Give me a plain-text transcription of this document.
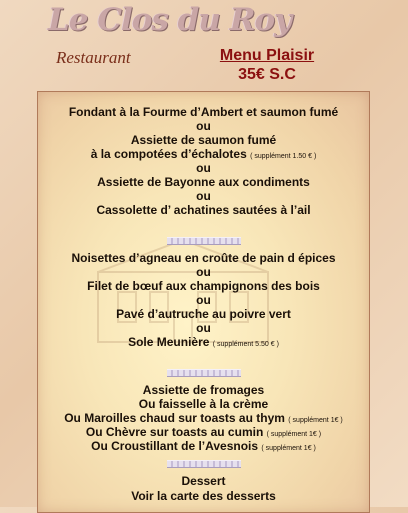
Le Clos du Roy
Restaurant	Menu Plaisir
35€ S.C
Fondant à la Fourme d’Ambert et saumon fumé
ou
Assiette de saumon fumé
à la compotées d’échalotes ( supplément 1.50 € )
ou
Assiette de Bayonne aux condiments
ou
Cassolette d’ achatines sautées à l’ail
Noisettes d’agneau en croûte de pain d épices
ou
Filet de bœuf aux champignons des bois
ou
Pavé d’autruche au poivre vert
ou
Sole Meunière ( supplément 5.50 € )
Assiette de fromages
Ou faisselle à la crème
Ou Maroilles chaud sur toasts au thym ( supplément 1€ )
Ou Chèvre sur toasts au cumin ( supplément 1€ )
Ou Croustillant de l’Avesnois ( supplément 1€ )
Dessert
Voir la carte des desserts
